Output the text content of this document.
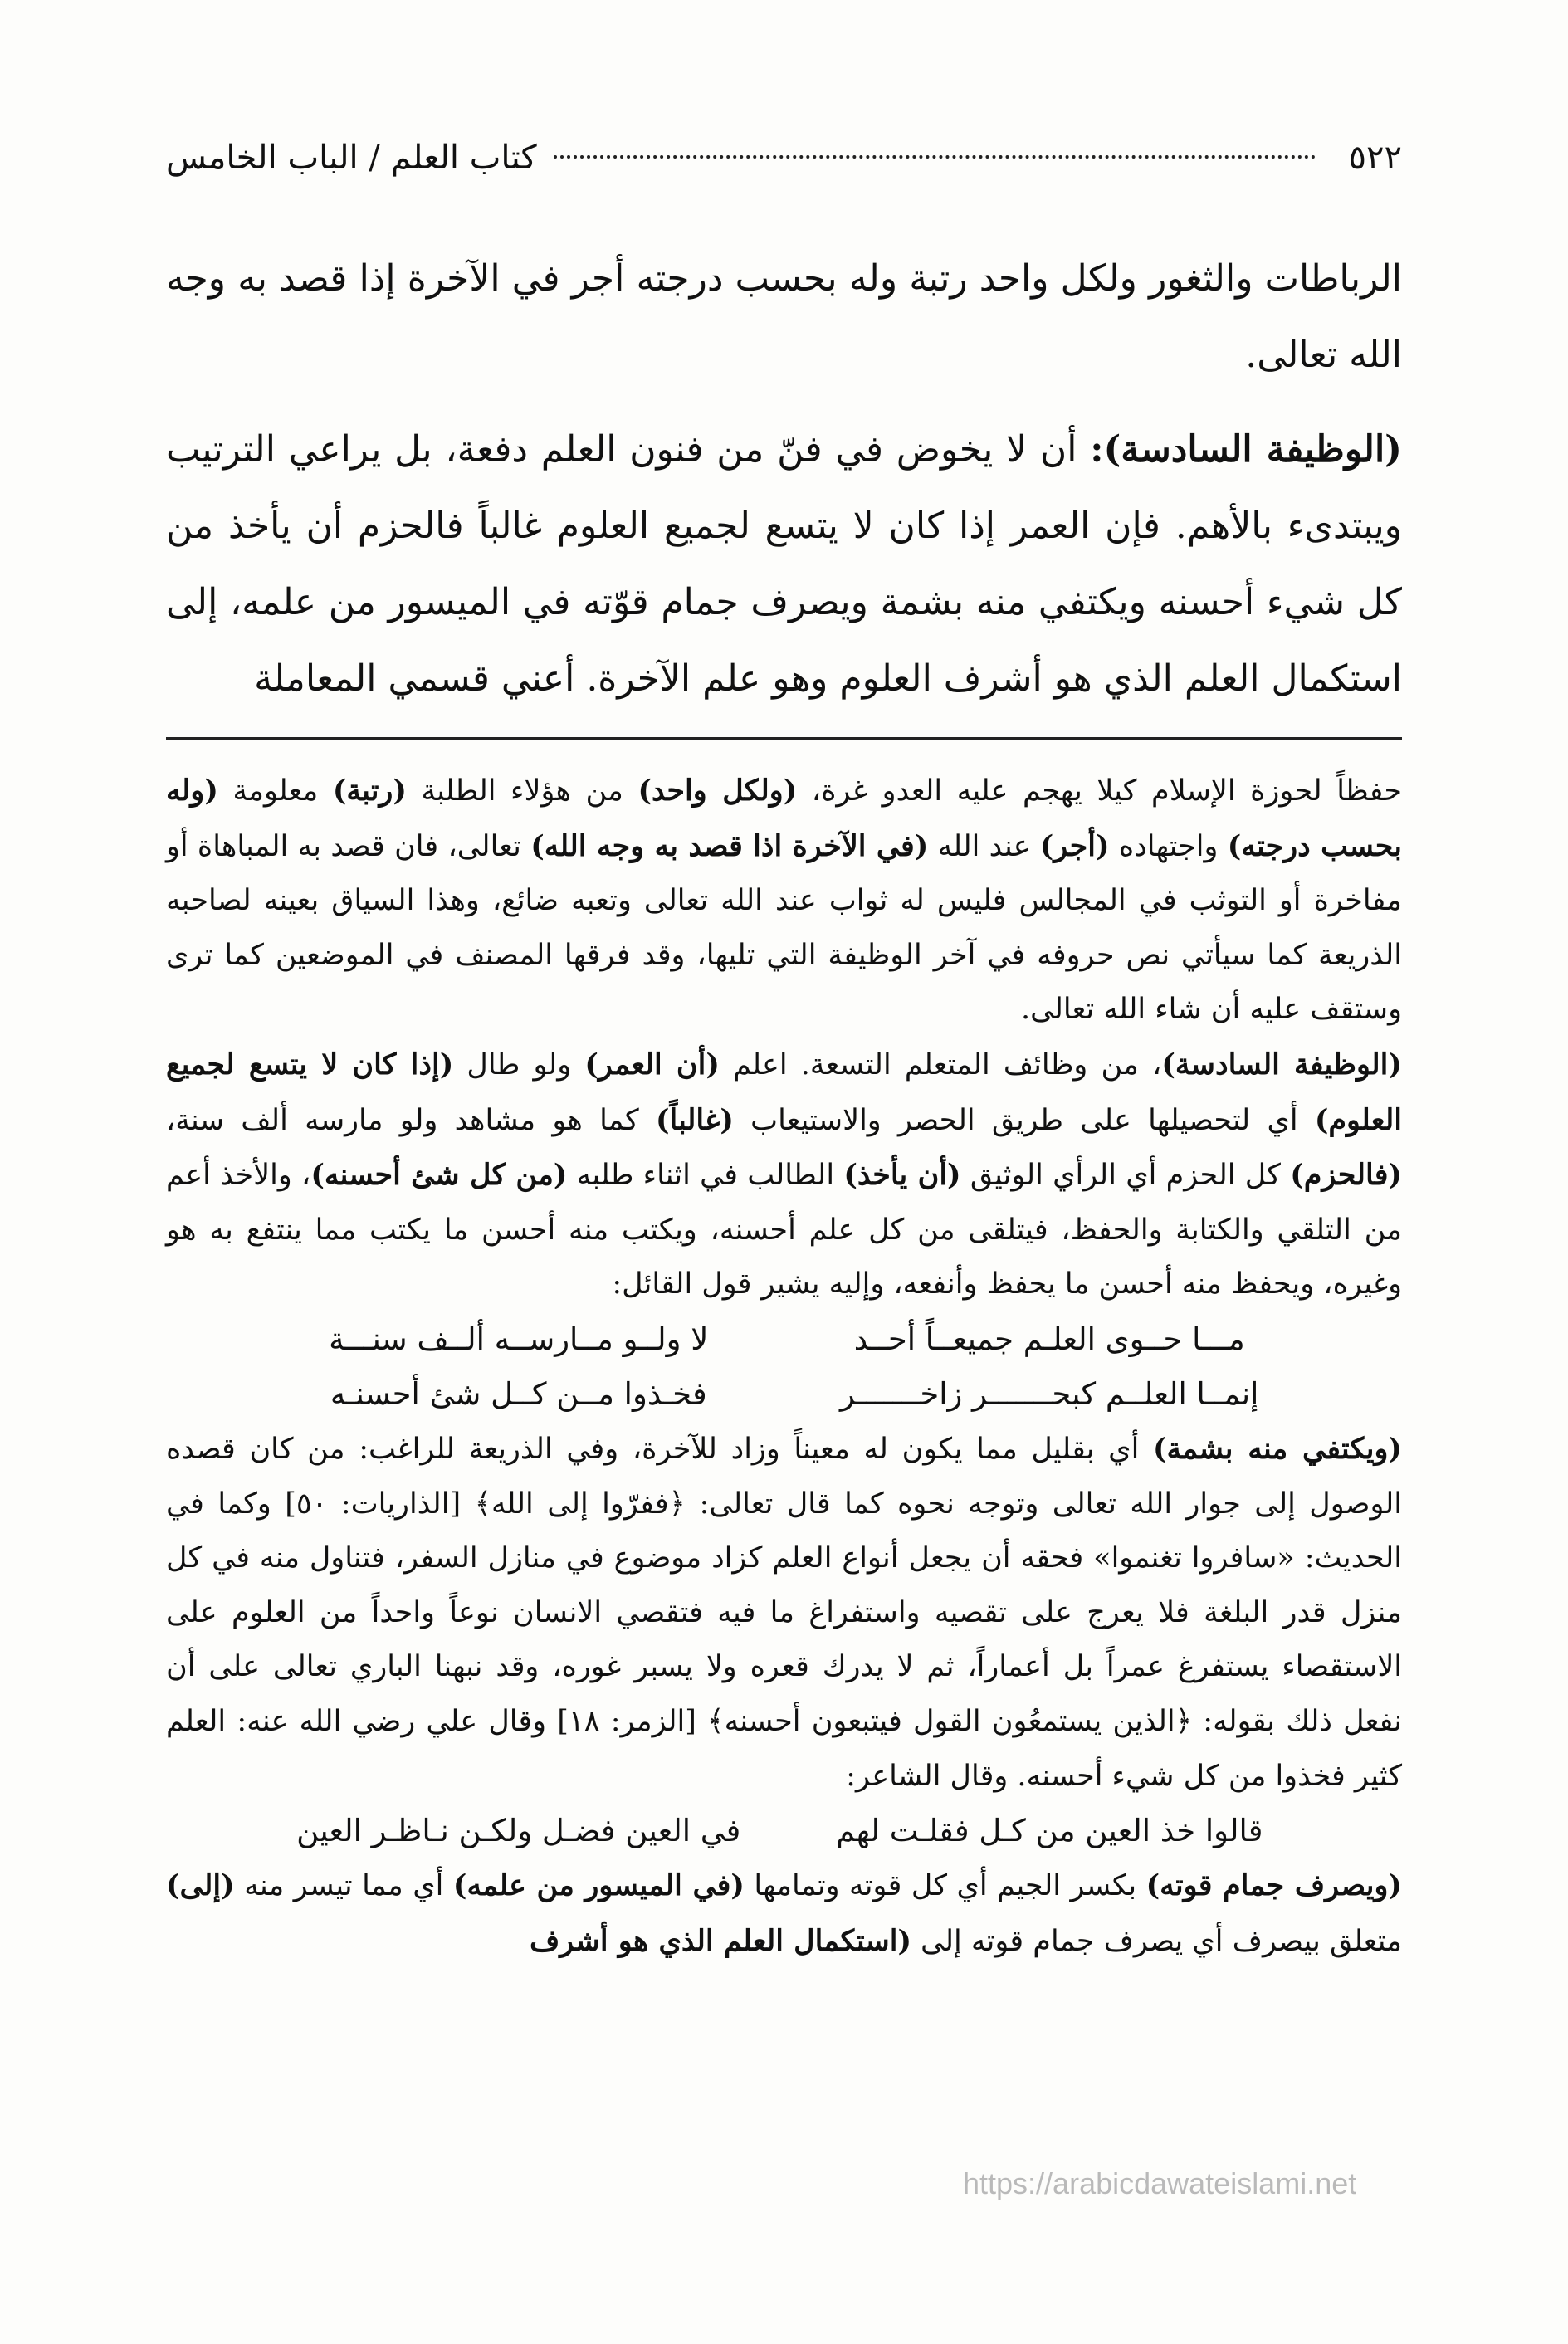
٥٢٢
كتاب العلم / الباب الخامس

الرباطات والثغور ولكل واحد رتبة وله بحسب درجته أجر في الآخرة إذا قصد به وجه الله تعالى.

(الوظيفة السادسة): أن لا يخوض في فنّ من فنون العلم دفعة، بل يراعي الترتيب ويبتدىء بالأهم. فإن العمر إذا كان لا يتسع لجميع العلوم غالباً فالحزم أن يأخذ من كل شيء أحسنه ويكتفي منه بشمة ويصرف جمام قوّته في الميسور من علمه، إلى استكمال العلم الذي هو أشرف العلوم وهو علم الآخرة. أعني قسمي المعاملة

حفظاً لحوزة الإسلام كيلا يهجم عليه العدو غرة، (ولكل واحد) من هؤلاء الطلبة (رتبة) معلومة (وله بحسب درجته) واجتهاده (أجر) عند الله (في الآخرة اذا قصد به وجه الله) تعالى، فان قصد به المباهاة أو مفاخرة أو التوثب في المجالس فليس له ثواب عند الله تعالى وتعبه ضائع، وهذا السياق بعينه لصاحبه الذريعة كما سيأتي نص حروفه في آخر الوظيفة التي تليها، وقد فرقها المصنف في الموضعين كما ترى وستقف عليه أن شاء الله تعالى.

(الوظيفة السادسة)، من وظائف المتعلم التسعة. اعلم (أن العمر) ولو طال (إذا كان لا يتسع لجميع العلوم) أي لتحصيلها على طريق الحصر والاستيعاب (غالباً) كما هو مشاهد ولو مارسه ألف سنة، (فالحزم) كل الحزم أي الرأي الوثيق (أن يأخذ) الطالب في اثناء طلبه (من كل شئ أحسنه)، والأخذ أعم من التلقي والكتابة والحفظ، فيتلقى من كل علم أحسنه، ويكتب منه أحسن ما يكتب مما ينتفع به هو وغيره، ويحفظ منه أحسن ما يحفظ وأنفعه، وإليه يشير قول القائل:

مـــا حــوى العلـم جميعــاً أحــد
لا ولــو مــارســه ألــف سنـــة
إنمــا العلــم كبحـــــــر زاخـــــــر
فخـذوا مــن كــل شئ أحسنـه

(ويكتفي منه بشمة) أي بقليل مما يكون له معيناً وزاد للآخرة، وفي الذريعة للراغب: من كان قصده الوصول إلى جوار الله تعالى وتوجه نحوه كما قال تعالى: ﴿ففرّوا إلى الله﴾ [الذاريات: ٥٠] وكما في الحديث: «سافروا تغنموا» فحقه أن يجعل أنواع العلم كزاد موضوع في منازل السفر، فتناول منه في كل منزل قدر البلغة فلا يعرج على تقصيه واستفراغ ما فيه فتقصي الانسان نوعاً واحداً من العلوم على الاستقصاء يستفرغ عمراً بل أعماراً، ثم لا يدرك قعره ولا يسبر غوره، وقد نبهنا الباري تعالى على أن نفعل ذلك بقوله: ﴿الذين يستمعُون القول فيتبعون أحسنه﴾ [الزمر: ١٨] وقال علي رضي الله عنه: العلم كثير فخذوا من كل شيء أحسنه. وقال الشاعر:

قالوا خذ العين من كـل فقلـت لهم
في العين فضـل ولكـن نـاظـر العين

(ويصرف جمام قوته) بكسر الجيم أي كل قوته وتمامها (في الميسور من علمه) أي مما تيسر منه (إلى) متعلق بيصرف أي يصرف جمام قوته إلى (استكمال العلم الذي هو أشرف

https://arabicdawateislami.net
